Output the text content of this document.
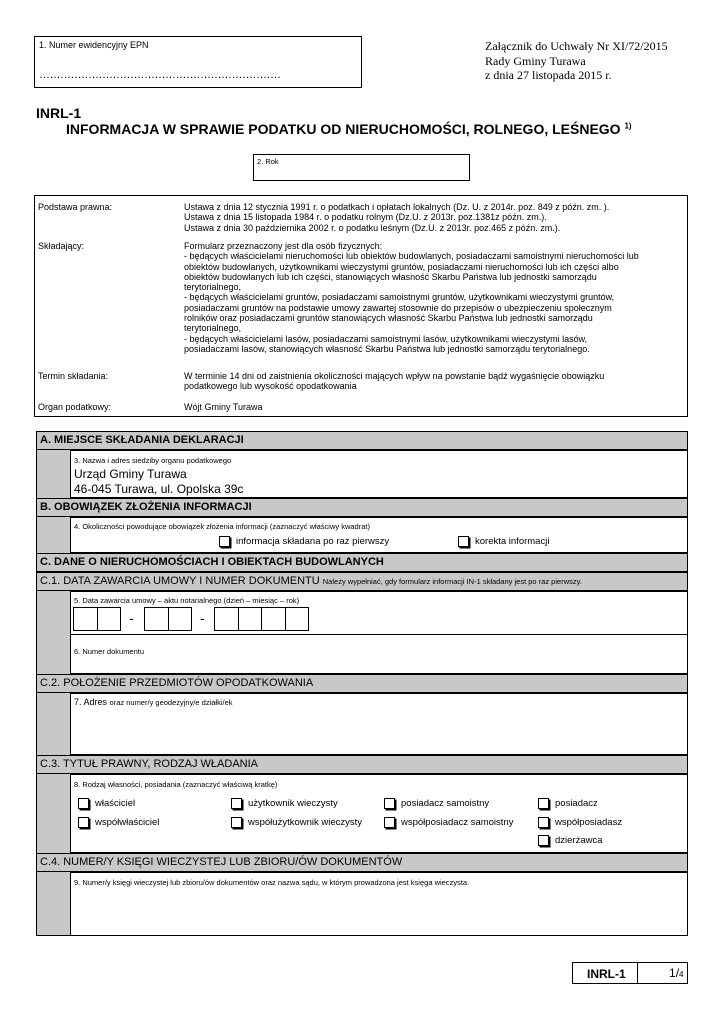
1. Numer ewidencyjny EPN
……………………………………………………………
Załącznik do Uchwały Nr XI/72/2015
Rady Gminy Turawa
z dnia 27 listopada 2015 r.
INRL-1
INFORMACJA W SPRAWIE PODATKU OD NIERUCHOMOŚCI, ROLNEGO, LEŚNEGO $^{1)}$
2. Rok
Podstawa prawna:	Ustawa z dnia 12 stycznia 1991 r. o podatkach i opłatach lokalnych (Dz. U. z 2014r. poz. 849 z późn. zm. ).
Ustawa z dnia 15 listopada 1984 r. o podatku rolnym (Dz.U. z 2013r. poz.1381z późn. zm.).
Ustawa z dnia 30 października 2002 r. o podatku leśnym (Dz.U. z 2013r. poz.465 z późn. zm.).
Składający:	Formularz przeznaczony jest dla osób fizycznych:
- będących właścicielami nieruchomości lub obiektów budowlanych, posiadaczami samoistnymi nieruchomości lub
obiektów budowlanych, użytkownikami wieczystymi gruntów, posiadaczami nieruchomości lub ich części albo
obiektów budowlanych lub ich części, stanowiących własność Skarbu Państwa lub jednostki samorządu
terytorialnego,
- będących właścicielami gruntów, posiadaczami samoistnymi gruntów, użytkownikami wieczystymi gruntów,
posiadaczami gruntów na podstawie umowy zawartej stosownie do przepisów o ubezpieczeniu społecznym
rolników oraz posiadaczami gruntów stanowiących własność Skarbu Państwa lub jednostki samorządu
terytorialnego,
- będących właścicielami lasów, posiadaczami samoistnymi lasów, użytkownikami wieczystymi lasów,
posiadaczami lasów, stanowiących własność Skarbu Państwa lub jednostki samorządu terytorialnego.
Termin składania:	W terminie 14 dni od zaistnienia okoliczności mających wpływ na powstanie bądź wygaśnięcie obowiązku
podatkowego lub wysokość opodatkowania
Organ podatkowy:	Wójt Gminy Turawa
A. MIEJSCE SKŁADANIA DEKLARACJI
3. Nazwa i adres siedziby organu podatkowego
Urząd Gminy Turawa
46-045 Turawa, ul. Opolska 39c
B. OBOWIĄZEK ZŁOŻENIA INFORMACJI
4. Okoliczności powodujące obowiązek złożenia informacji (zaznaczyć właściwy kwadrat)
informacja składana po raz pierwszy	korekta informacji
C. DANE O NIERUCHOMOŚCIACH I OBIEKTACH BUDOWLANYCH
C.1. DATA ZAWARCIA UMOWY I NUMER DOKUMENTU Należy wypełniać, gdy formularz informacji IN-1 składany jest po raz pierwszy.
5. Data zawarcia umowy – aktu notarialnego (dzień – miesiąc – rok)
-	-
6. Numer dokumentu
C.2. POŁOŻENIE PRZEDMIOTÓW OPODATKOWANIA
7. Adres oraz numer/y geodezyjny/e działki/ek
C.3. TYTUŁ PRAWNY, RODZAJ WŁADANIA
8. Rodzaj własności, posiadania (zaznaczyć właściwą kratkę)
właściciel	użytkownik wieczysty	posiadacz samoistny	posiadacz
współwłaściciel	współużytkownik wieczysty	współposiadacz samoistny	współposiadasz
dzierżawca
C.4. NUMER/Y KSIĘGI WIECZYSTEJ LUB ZBIORU/ÓW DOKUMENTÓW
9. Numer/y księgi wieczystej lub zbioru/ów dokumentów oraz nazwa sądu, w którym prowadzona jest księga wieczysta.
INRL-1	1/4
